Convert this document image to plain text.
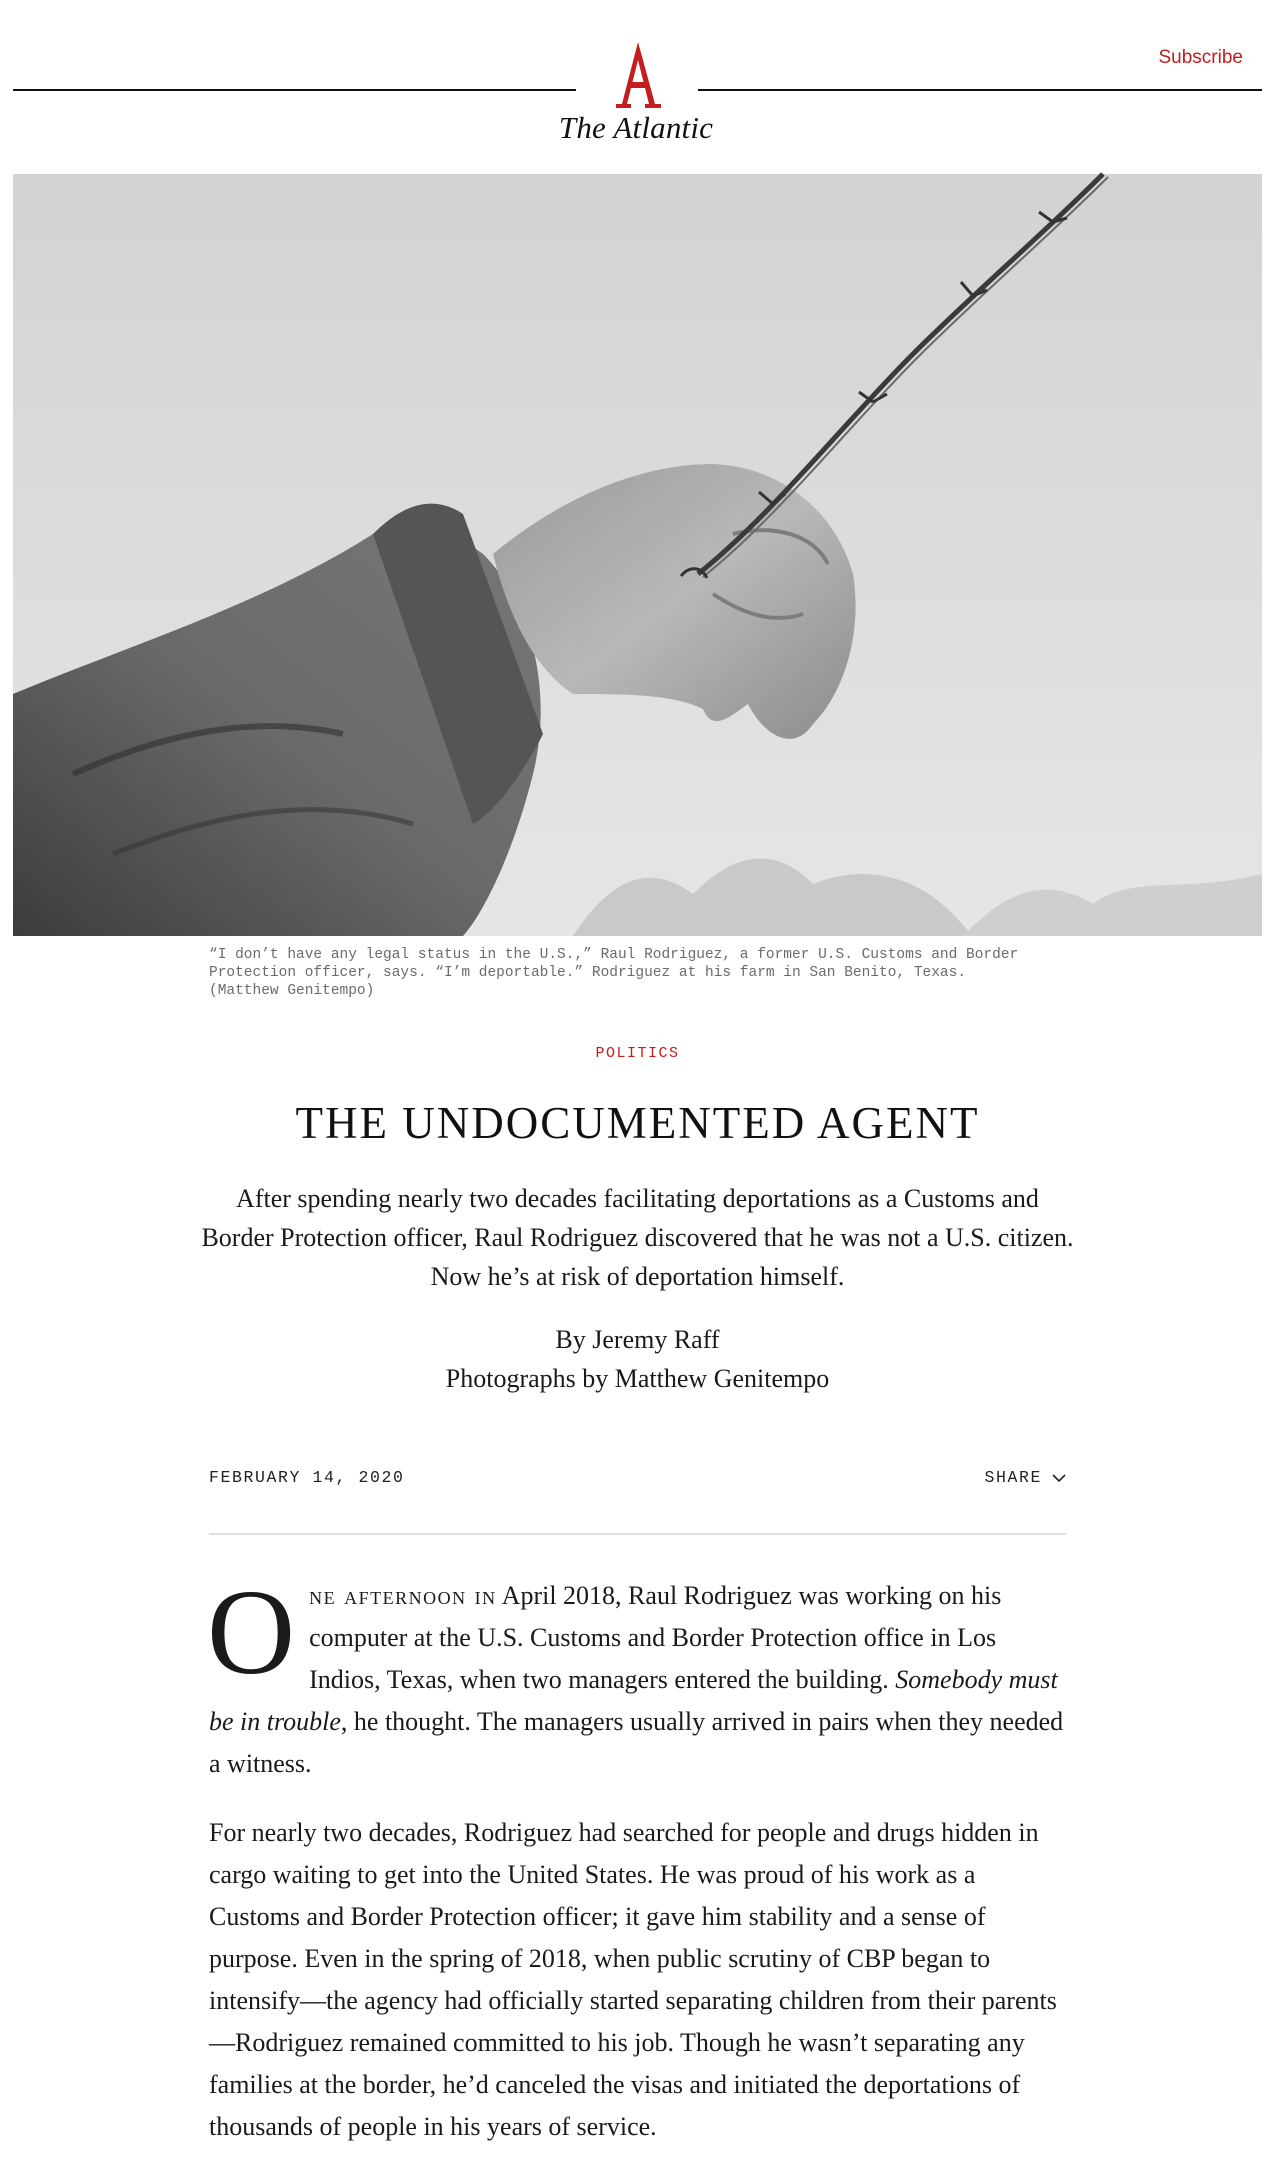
The Atlantic
Subscribe
“I don’t have any legal status in the U.S.,” Raul Rodriguez, a former U.S. Customs and Border Protection officer, says. “I’m deportable.” Rodriguez at his farm in San Benito, Texas. (Matthew Genitempo)
POLITICS
THE UNDOCUMENTED AGENT
After spending nearly two decades facilitating deportations as a Customs and Border Protection officer, Raul Rodriguez discovered that he was not a U.S. citizen. Now he’s at risk of deportation himself.
By Jeremy Raff
Photographs by Matthew Genitempo
FEBRUARY 14, 2020	SHARE

One afternoon in April 2018, Raul Rodriguez was working on his computer at the U.S. Customs and Border Protection office in Los Indios, Texas, when two managers entered the building. Somebody must be in trouble, he thought. The managers usually arrived in pairs when they needed a witness.

For nearly two decades, Rodriguez had searched for people and drugs hidden in cargo waiting to get into the United States. He was proud of his work as a Customs and Border Protection officer; it gave him stability and a sense of purpose. Even in the spring of 2018, when public scrutiny of CBP began to intensify—the agency had officially started separating children from their parents—Rodriguez remained committed to his job. Though he wasn’t separating any families at the border, he’d canceled the visas and initiated the deportations of thousands of people in his years of service.
